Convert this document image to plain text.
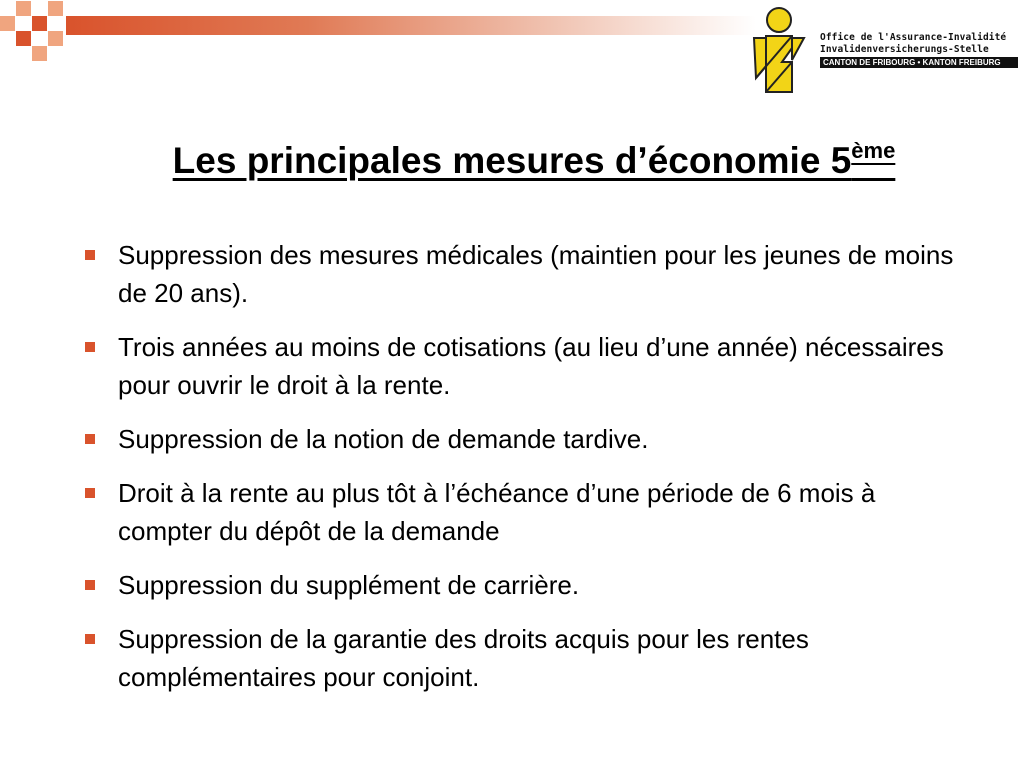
Office de l'Assurance-Invalidité
Invalidenversicherungs-Stelle
CANTON DE FRIBOURG • KANTON FREIBURG
Les principales mesures d’économie 5ème
Suppression des mesures médicales (maintien pour les jeunes de moins de 20 ans).
Trois années au moins de cotisations (au lieu d’une année) nécessaires pour ouvrir le droit à la rente.
Suppression de la notion de demande tardive.
Droit à la rente au plus tôt à l’échéance d’une période de 6 mois à compter du dépôt de la demande
Suppression du supplément de carrière.
Suppression de la garantie des droits acquis pour les rentes complémentaires pour conjoint.
